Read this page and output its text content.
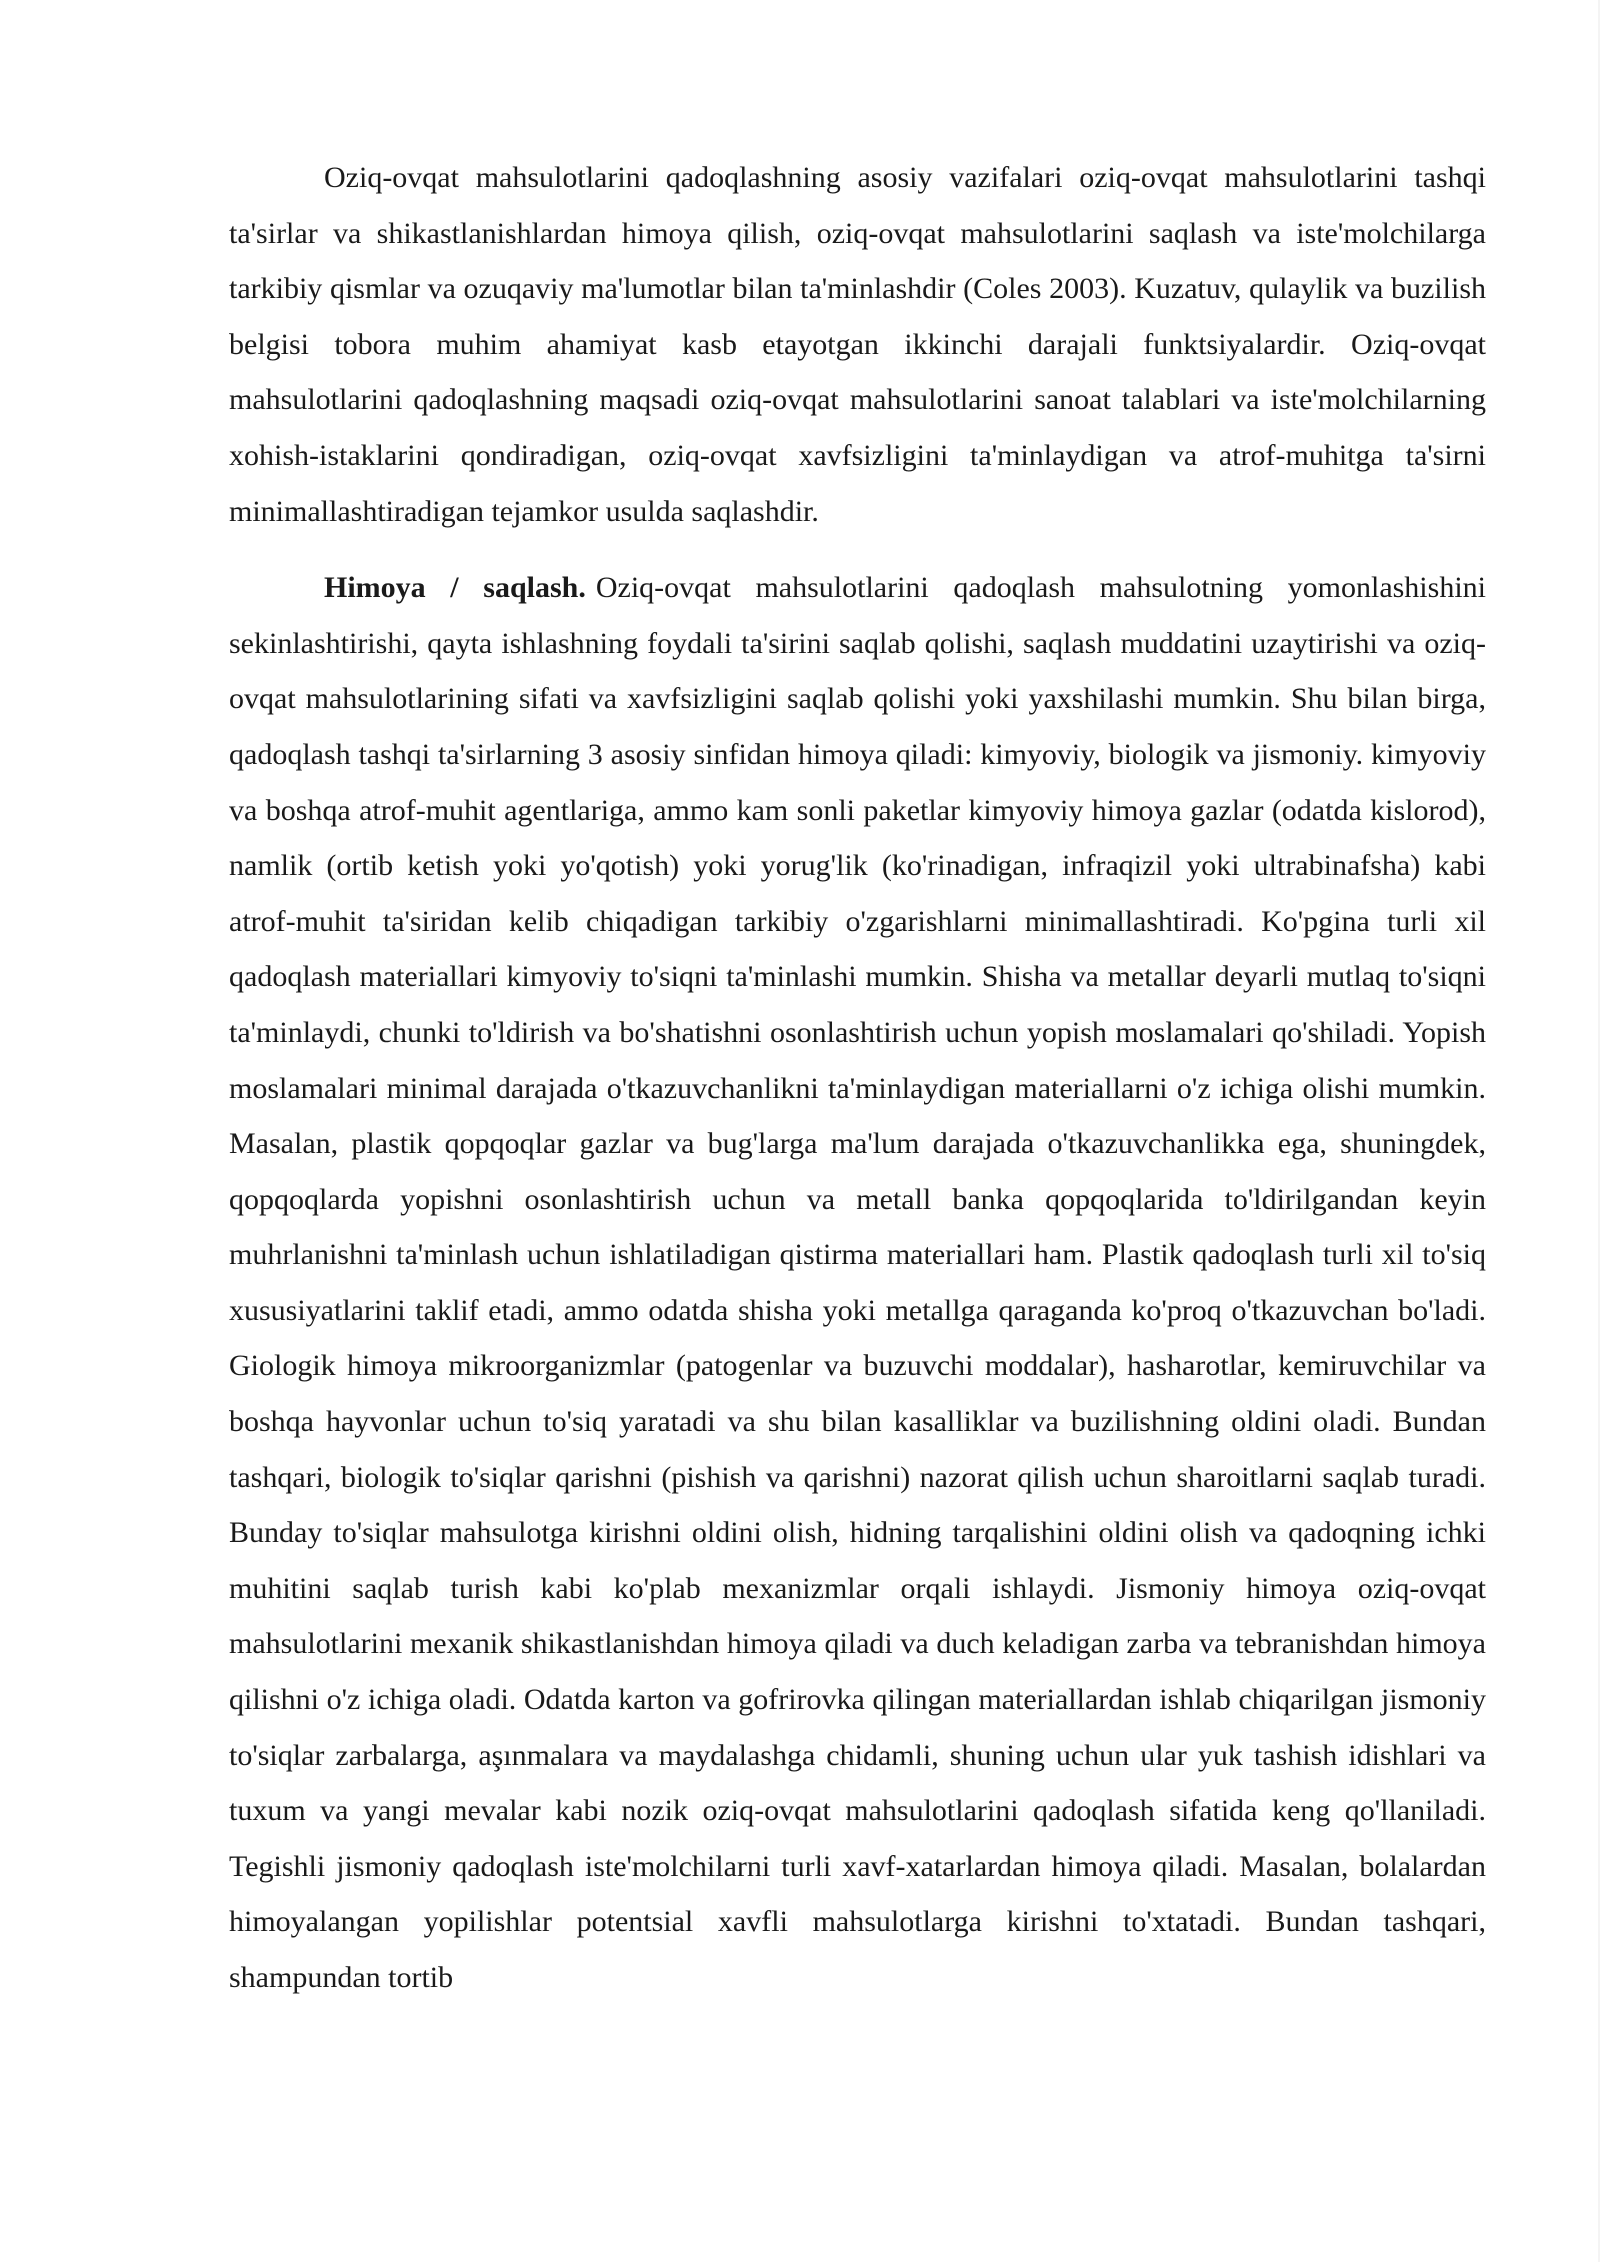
Oziq-ovqat mahsulotlarini qadoqlashning asosiy vazifalari oziq-ovqat mahsulotlarini tashqi ta'sirlar va shikastlanishlardan himoya qilish, oziq-ovqat mahsulotlarini saqlash va iste'molchilarga tarkibiy qismlar va ozuqaviy ma'lumotlar bilan ta'minlashdir (Coles 2003). Kuzatuv, qulaylik va buzilish belgisi tobora muhim ahamiyat kasb etayotgan ikkinchi darajali funktsiyalardir. Oziq-ovqat mahsulotlarini qadoqlashning maqsadi oziq-ovqat mahsulotlarini sanoat talablari va iste'molchilarning xohish-istaklarini qondiradigan, oziq-ovqat xavfsizligini ta'minlaydigan va atrof-muhitga ta'sirni minimallashtiradigan tejamkor usulda saqlashdir.

Himoya / saqlash. Oziq-ovqat mahsulotlarini qadoqlash mahsulotning yomonlashishini sekinlashtirishi, qayta ishlashning foydali ta'sirini saqlab qolishi, saqlash muddatini uzaytirishi va oziq-ovqat mahsulotlarining sifati va xavfsizligini saqlab qolishi yoki yaxshilashi mumkin. Shu bilan birga, qadoqlash tashqi ta'sirlarning 3 asosiy sinfidan himoya qiladi: kimyoviy, biologik va jismoniy. kimyoviy va boshqa atrof-muhit agentlariga, ammo kam sonli paketlar kimyoviy himoya gazlar (odatda kislorod), namlik (ortib ketish yoki yo'qotish) yoki yorug'lik (ko'rinadigan, infraqizil yoki ultrabinafsha) kabi atrof-muhit ta'siridan kelib chiqadigan tarkibiy o'zgarishlarni minimallashtiradi. Ko'pgina turli xil qadoqlash materiallari kimyoviy to'siqni ta'minlashi mumkin. Shisha va metallar deyarli mutlaq to'siqni ta'minlaydi, chunki to'ldirish va bo'shatishni osonlashtirish uchun yopish moslamalari qo'shiladi. Yopish moslamalari minimal darajada o'tkazuvchanlikni ta'minlaydigan materiallarni o'z ichiga olishi mumkin. Masalan, plastik qopqoqlar gazlar va bug'larga ma'lum darajada o'tkazuvchanlikka ega, shuningdek, qopqoqlarda yopishni osonlashtirish uchun va metall banka qopqoqlarida to'ldirilgandan keyin muhrlanishni ta'minlash uchun ishlatiladigan qistirma materiallari ham. Plastik qadoqlash turli xil to'siq xususiyatlarini taklif etadi, ammo odatda shisha yoki metallga qaraganda ko'proq o'tkazuvchan bo'ladi. Giologik himoya mikroorganizmlar (patogenlar va buzuvchi moddalar), hasharotlar, kemiruvchilar va boshqa hayvonlar uchun to'siq yaratadi va shu bilan kasalliklar va buzilishning oldini oladi. Bundan tashqari, biologik to'siqlar qarishni (pishish va qarishni) nazorat qilish uchun sharoitlarni saqlab turadi. Bunday to'siqlar mahsulotga kirishni oldini olish, hidning tarqalishini oldini olish va qadoqning ichki muhitini saqlab turish kabi ko'plab mexanizmlar orqali ishlaydi. Jismoniy himoya oziq-ovqat mahsulotlarini mexanik shikastlanishdan himoya qiladi va duch keladigan zarba va tebranishdan himoya qilishni o'z ichiga oladi. Odatda karton va gofrirovka qilingan materiallardan ishlab chiqarilgan jismoniy to'siqlar zarbalarga, aşınmalara va maydalashga chidamli, shuning uchun ular yuk tashish idishlari va tuxum va yangi mevalar kabi nozik oziq-ovqat mahsulotlarini qadoqlash sifatida keng qo'llaniladi. Tegishli jismoniy qadoqlash iste'molchilarni turli xavf-xatarlardan himoya qiladi. Masalan, bolalardan himoyalangan yopilishlar potentsial xavfli mahsulotlarga kirishni to'xtatadi. Bundan tashqari, shampundan tortib
